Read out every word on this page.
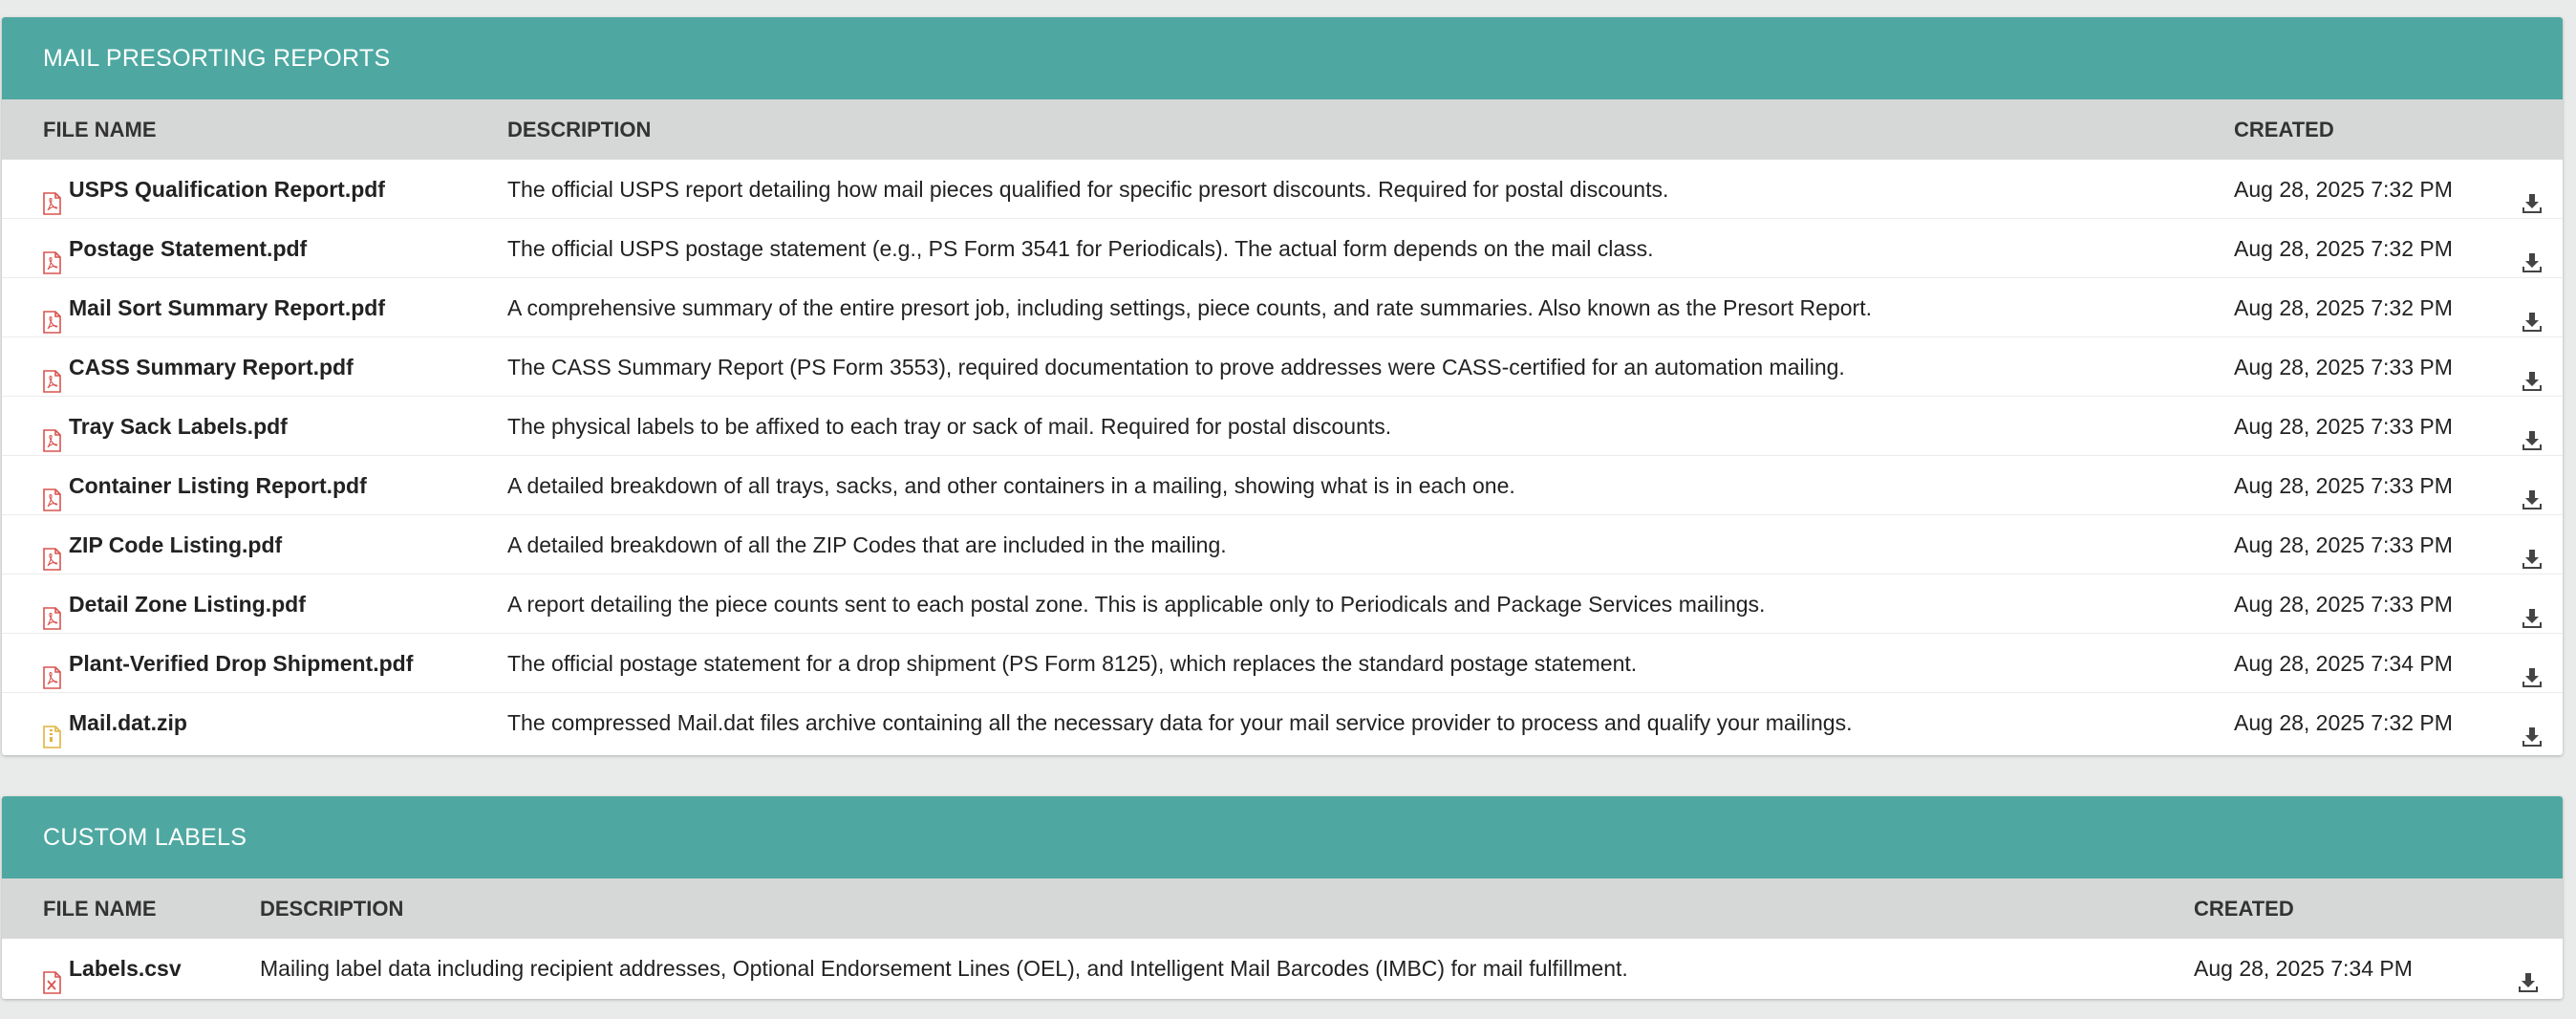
MAIL PRESORTING REPORTS
FILE NAME	DESCRIPTION	CREATED
USPS Qualification Report.pdf	The official USPS report detailing how mail pieces qualified for specific presort discounts. Required for postal discounts.	Aug 28, 2025 7:32 PM
Postage Statement.pdf	The official USPS postage statement (e.g., PS Form 3541 for Periodicals). The actual form depends on the mail class.	Aug 28, 2025 7:32 PM
Mail Sort Summary Report.pdf	A comprehensive summary of the entire presort job, including settings, piece counts, and rate summaries. Also known as the Presort Report.	Aug 28, 2025 7:32 PM
CASS Summary Report.pdf	The CASS Summary Report (PS Form 3553), required documentation to prove addresses were CASS-certified for an automation mailing.	Aug 28, 2025 7:33 PM
Tray Sack Labels.pdf	The physical labels to be affixed to each tray or sack of mail. Required for postal discounts.	Aug 28, 2025 7:33 PM
Container Listing Report.pdf	A detailed breakdown of all trays, sacks, and other containers in a mailing, showing what is in each one.	Aug 28, 2025 7:33 PM
ZIP Code Listing.pdf	A detailed breakdown of all the ZIP Codes that are included in the mailing.	Aug 28, 2025 7:33 PM
Detail Zone Listing.pdf	A report detailing the piece counts sent to each postal zone. This is applicable only to Periodicals and Package Services mailings.	Aug 28, 2025 7:33 PM
Plant-Verified Drop Shipment.pdf	The official postage statement for a drop shipment (PS Form 8125), which replaces the standard postage statement.	Aug 28, 2025 7:34 PM
Mail.dat.zip	The compressed Mail.dat files archive containing all the necessary data for your mail service provider to process and qualify your mailings.	Aug 28, 2025 7:32 PM
CUSTOM LABELS
FILE NAME	DESCRIPTION	CREATED
Labels.csv	Mailing label data including recipient addresses, Optional Endorsement Lines (OEL), and Intelligent Mail Barcodes (IMBC) for mail fulfillment.	Aug 28, 2025 7:34 PM
